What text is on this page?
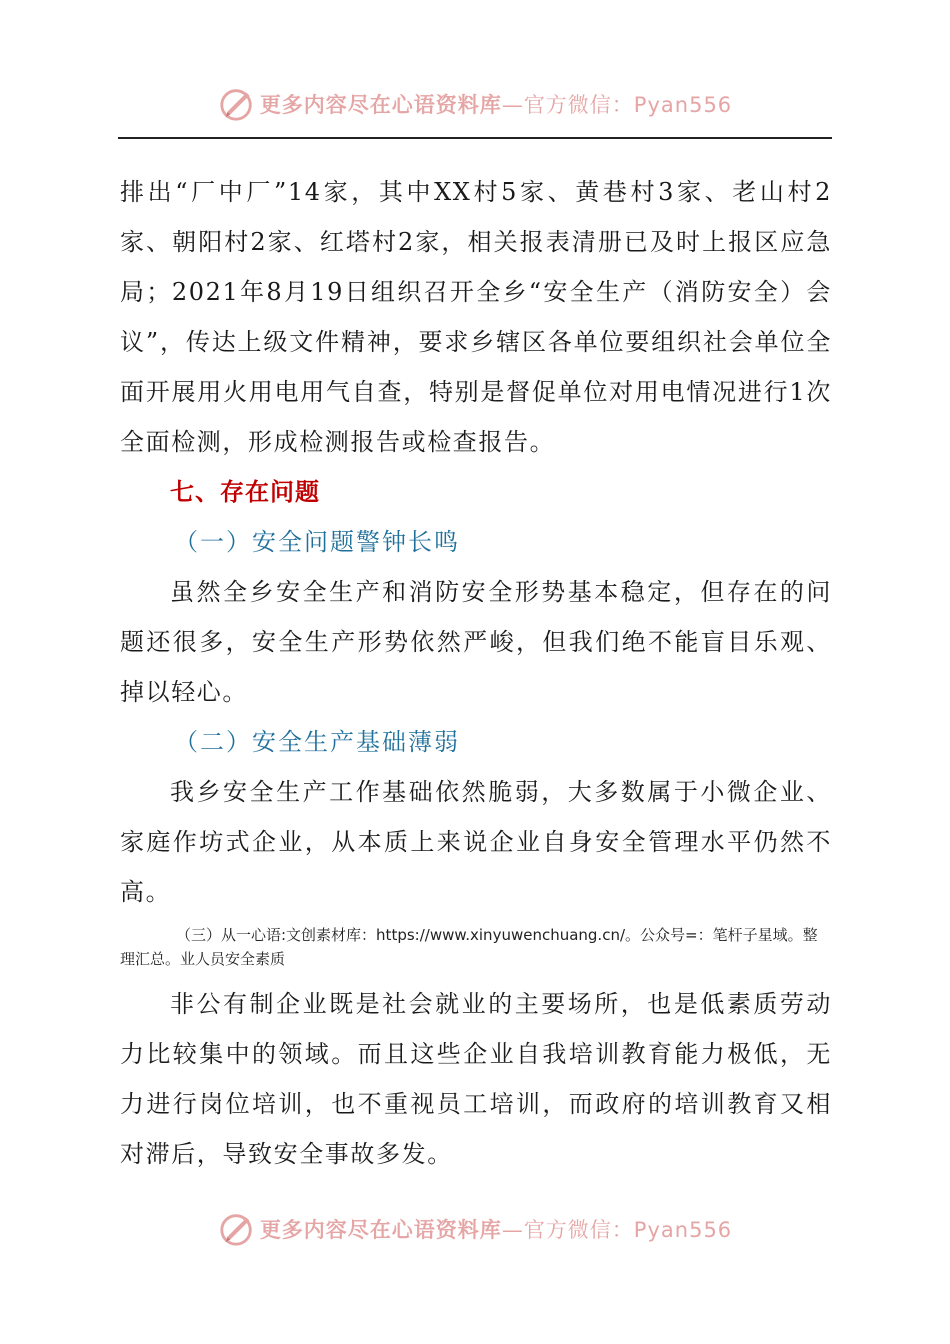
更多内容尽在心语资料库—官方微信：Pyan556

排出“厂中厂”14家，其中XX村5家、黄巷村3家、老山村2家、朝阳村2家、红塔村2家，相关报表清册已及时上报区应急局；2021年8月19日组织召开全乡“安全生产（消防安全）会议”，传达上级文件精神，要求乡辖区各单位要组织社会单位全面开展用火用电用气自查，特别是督促单位对用电情况进行1次全面检测，形成检测报告或检查报告。

七、存在问题

（一）安全问题警钟长鸣

虽然全乡安全生产和消防安全形势基本稳定，但存在的问题还很多，安全生产形势依然严峻，但我们绝不能盲目乐观、掉以轻心。

（二）安全生产基础薄弱

我乡安全生产工作基础依然脆弱，大多数属于小微企业、家庭作坊式企业，从本质上来说企业自身安全管理水平仍然不高。

（三）从一心语:文创素材库：https://www.xinyuwenchuang.cn/。公众号=：笔杆子星域。整理汇总。业人员安全素质

非公有制企业既是社会就业的主要场所，也是低素质劳动力比较集中的领域。而且这些企业自我培训教育能力极低，无力进行岗位培训，也不重视员工培训，而政府的培训教育又相对滞后，导致安全事故多发。

更多内容尽在心语资料库—官方微信：Pyan556
